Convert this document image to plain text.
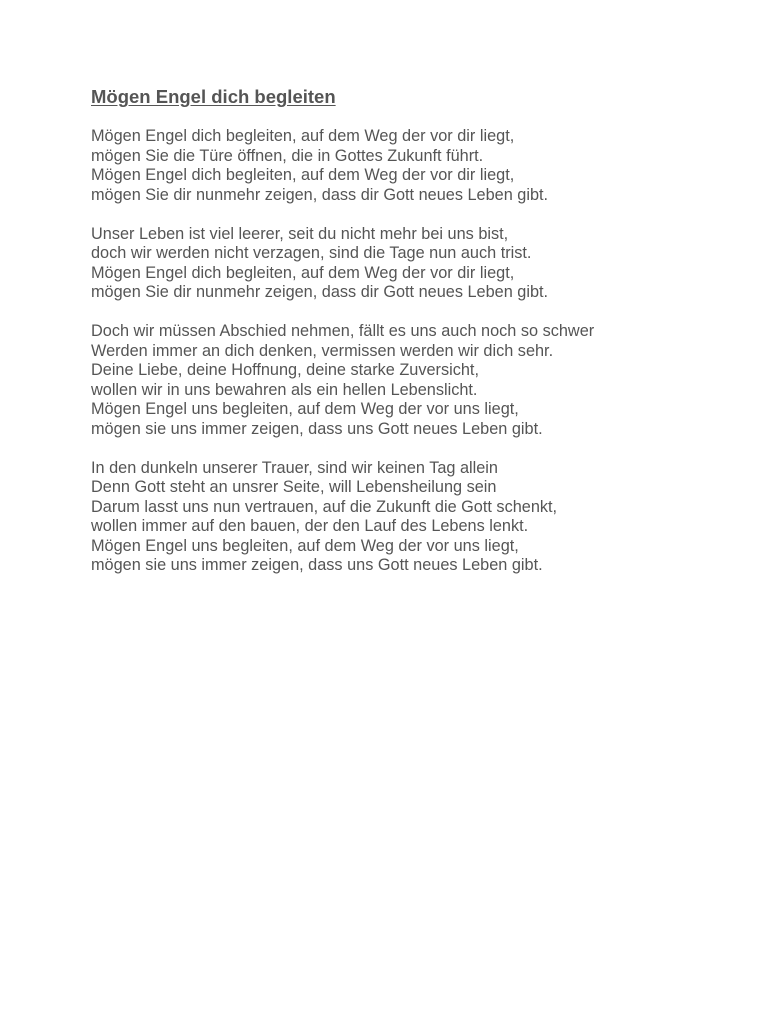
Mögen Engel dich begleiten
Mögen Engel dich begleiten, auf dem Weg der vor dir liegt,
mögen Sie die Türe öffnen, die in Gottes Zukunft führt.
Mögen Engel dich begleiten, auf dem Weg der vor dir liegt,
mögen Sie dir nunmehr zeigen, dass dir Gott neues Leben gibt.
Unser Leben ist viel leerer, seit du nicht mehr bei uns bist,
doch wir werden nicht verzagen, sind die Tage nun auch trist.
Mögen Engel dich begleiten, auf dem Weg der vor dir liegt,
mögen Sie dir nunmehr zeigen, dass dir Gott neues Leben gibt.
Doch wir müssen Abschied nehmen, fällt es uns auch noch so schwer
Werden immer an dich denken, vermissen werden wir dich sehr.
Deine Liebe, deine Hoffnung, deine starke Zuversicht,
wollen wir in uns bewahren als ein hellen Lebenslicht.
Mögen Engel uns begleiten, auf dem Weg der vor uns liegt,
mögen sie uns immer zeigen, dass uns Gott neues Leben gibt.
In den dunkeln unserer Trauer, sind wir keinen Tag allein
Denn Gott steht an unsrer Seite, will Lebensheilung sein
Darum lasst uns nun vertrauen, auf die Zukunft die Gott schenkt,
wollen immer auf den bauen, der den Lauf des Lebens lenkt.
Mögen Engel uns begleiten, auf dem Weg der vor uns liegt,
mögen sie uns immer zeigen, dass uns Gott neues Leben gibt.
